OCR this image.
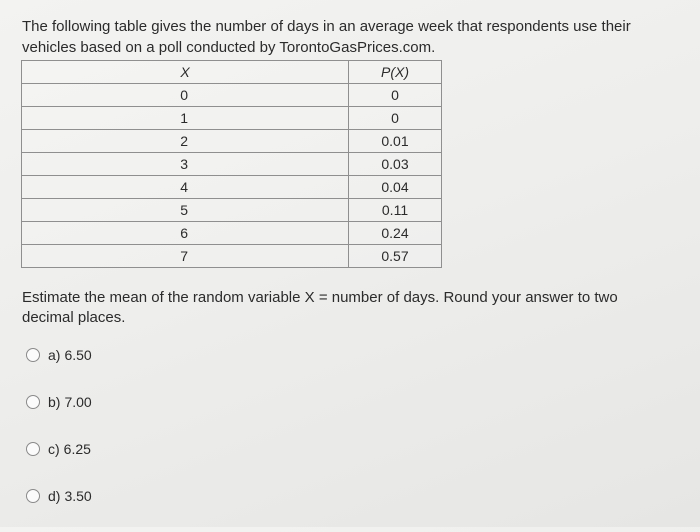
The following table gives the number of days in an average week that respondents use their vehicles based on a poll conducted by TorontoGasPrices.com.

X	P(X)
0	0
1	0
2	0.01
3	0.03
4	0.04
5	0.11
6	0.24
7	0.57

Estimate the mean of the random variable X = number of days. Round your answer to two decimal places.

a) 6.50
b) 7.00
c) 6.25
d) 3.50
